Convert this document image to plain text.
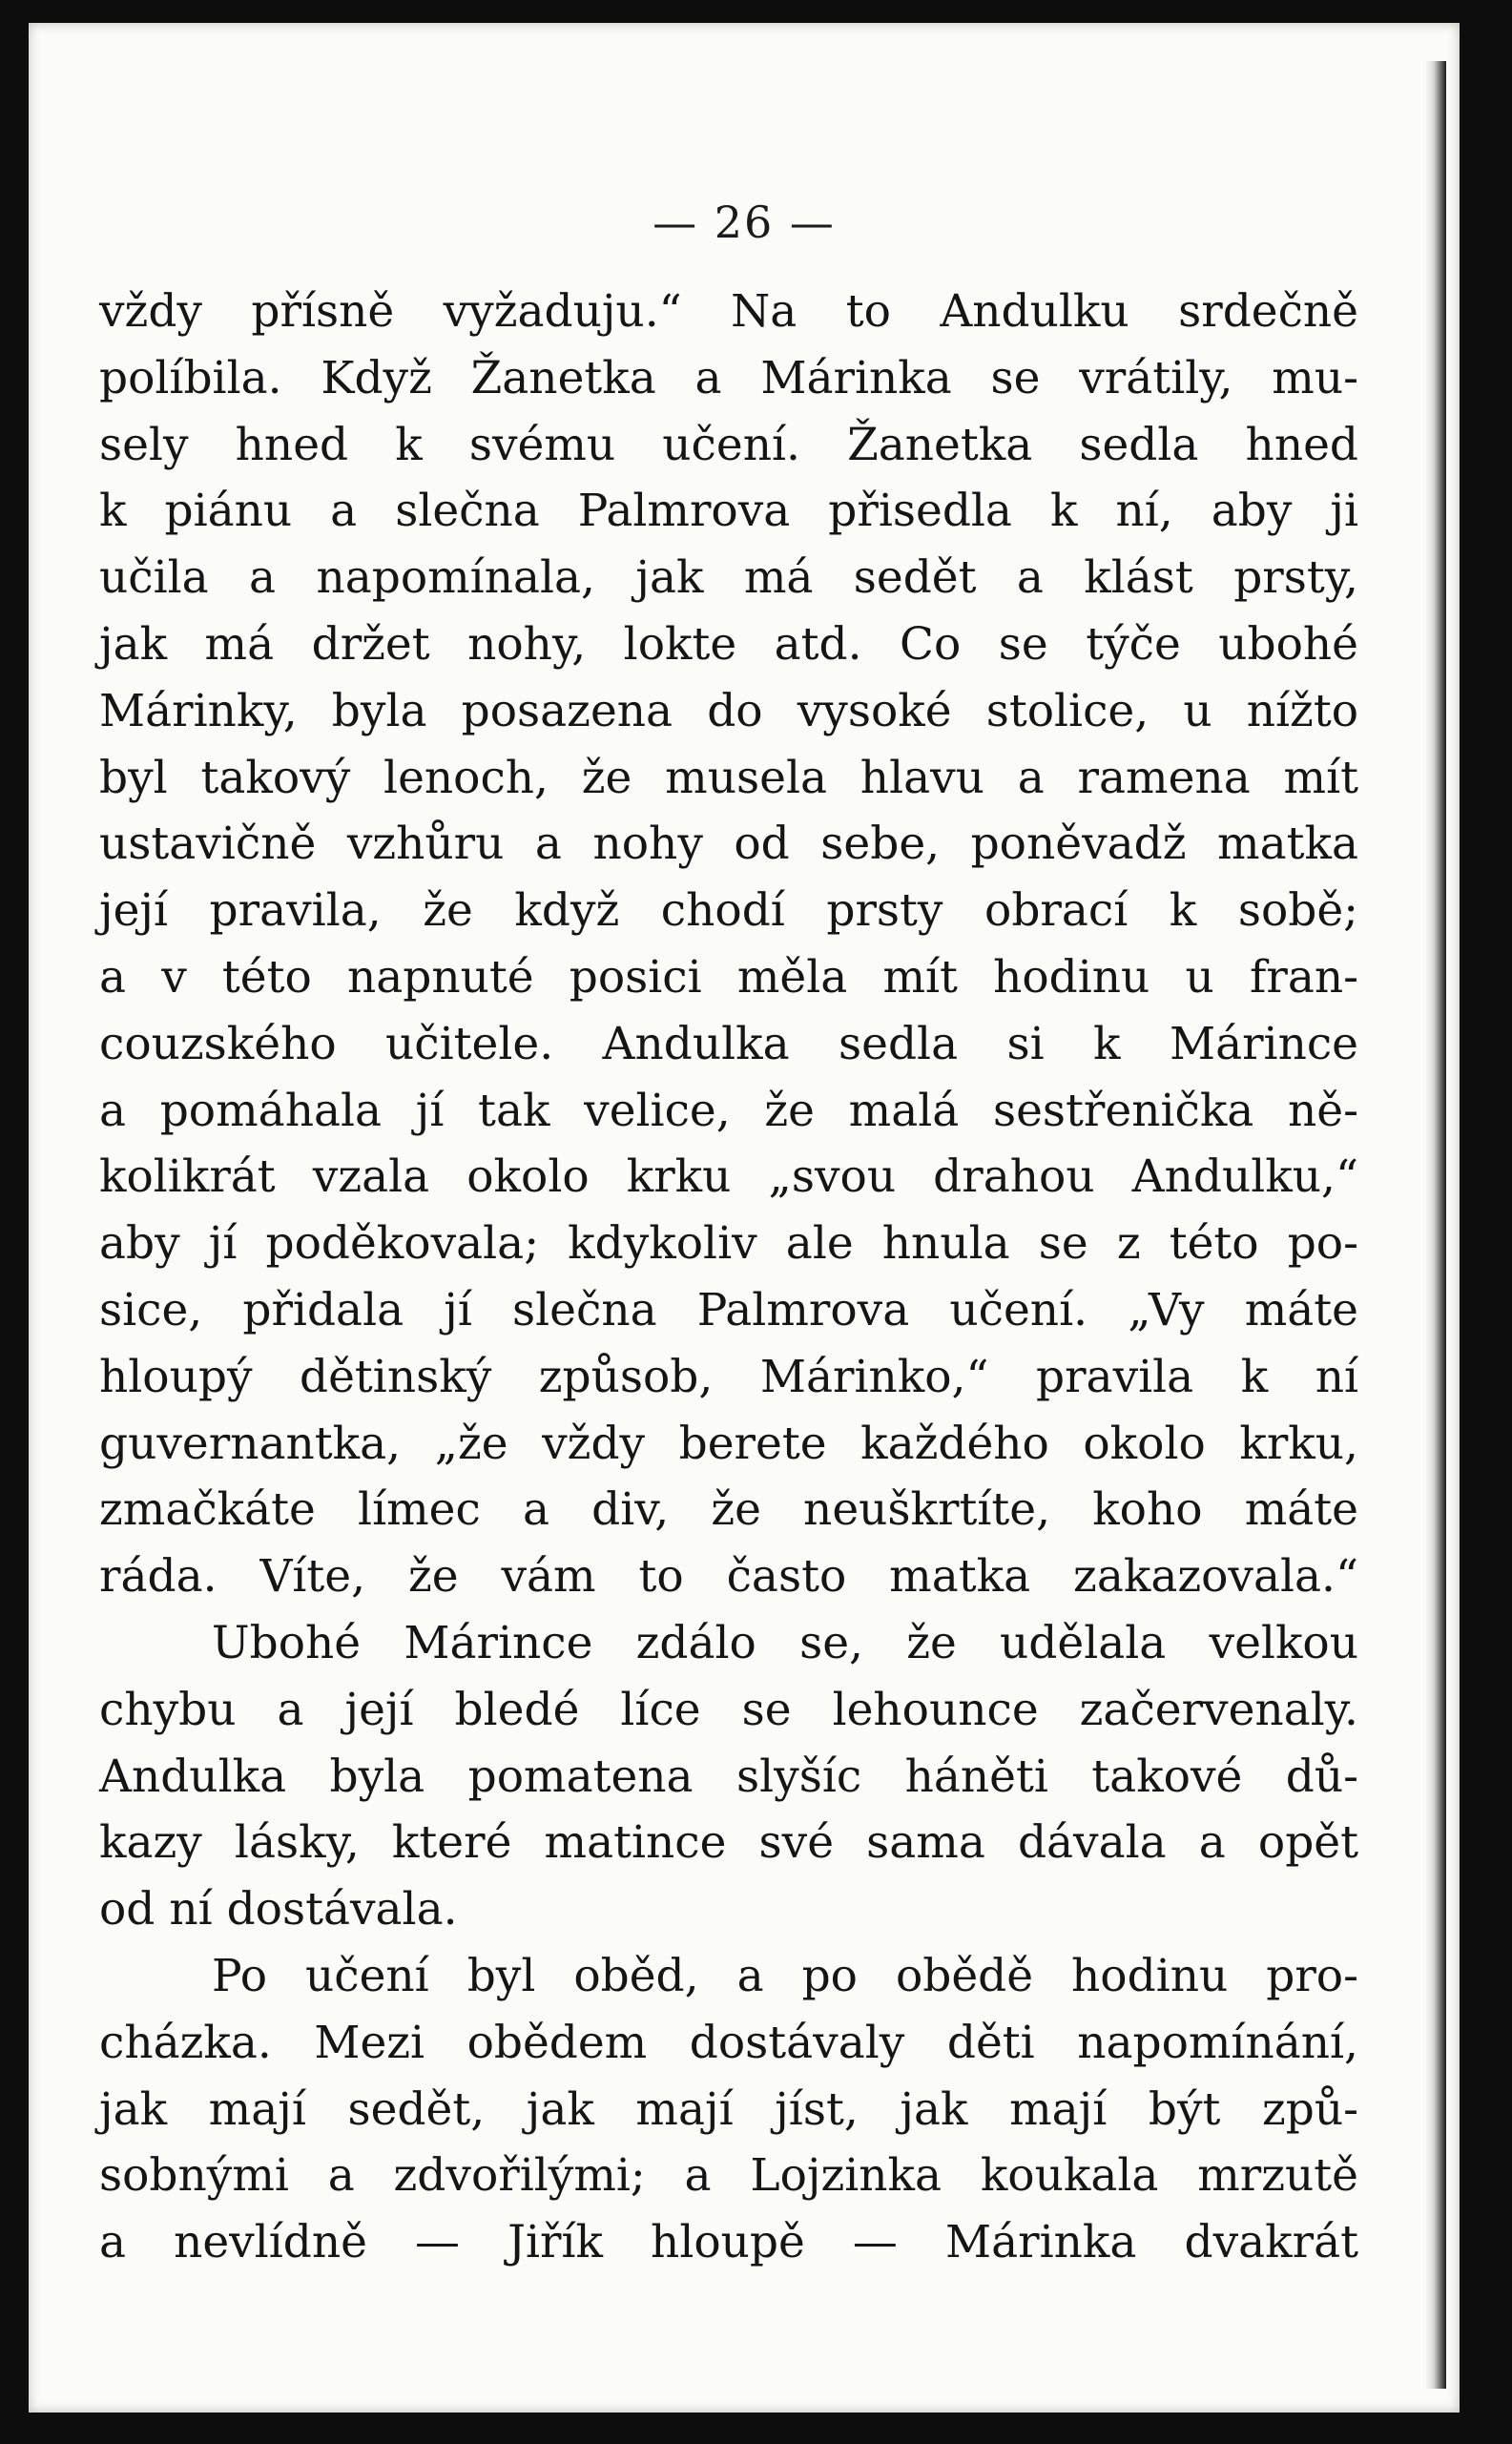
— 26 —
vždy přísně vyžaduju.“ Na to Andulku srdečně
políbila. Když Žanetka a Márinka se vrátily, mu-
sely hned k svému učení. Žanetka sedla hned
k piánu a slečna Palmrova přisedla k ní, aby ji
učila a napomínala, jak má sedět a klást prsty,
jak má držet nohy, lokte atd. Co se týče ubohé
Márinky, byla posazena do vysoké stolice, u nížto
byl takový lenoch, že musela hlavu a ramena mít
ustavičně vzhůru a nohy od sebe, poněvadž matka
její pravila, že když chodí prsty obrací k sobě;
a v této napnuté posici měla mít hodinu u fran-
couzského učitele. Andulka sedla si k Márince
a pomáhala jí tak velice, že malá sestřenička ně-
kolikrát vzala okolo krku „svou drahou Andulku,“
aby jí poděkovala; kdykoliv ale hnula se z této po-
sice, přidala jí slečna Palmrova učení. „Vy máte
hloupý dětinský způsob, Márinko,“ pravila k ní
guvernantka, „že vždy berete každého okolo krku,
zmačkáte límec a div, že neuškrtíte, koho máte
ráda. Víte, že vám to často matka zakazovala.“
Ubohé Márince zdálo se, že udělala velkou
chybu a její bledé líce se lehounce začervenaly.
Andulka byla pomatena slyšíc háněti takové dů-
kazy lásky, které matince své sama dávala a opět
od ní dostávala.
Po učení byl oběd, a po obědě hodinu pro-
cházka. Mezi obědem dostávaly děti napomínání,
jak mají sedět, jak mají jíst, jak mají být způ-
sobnými a zdvořilými; a Lojzinka koukala mrzutě
a nevlídně — Jiřík hloupě — Márinka dvakrát
